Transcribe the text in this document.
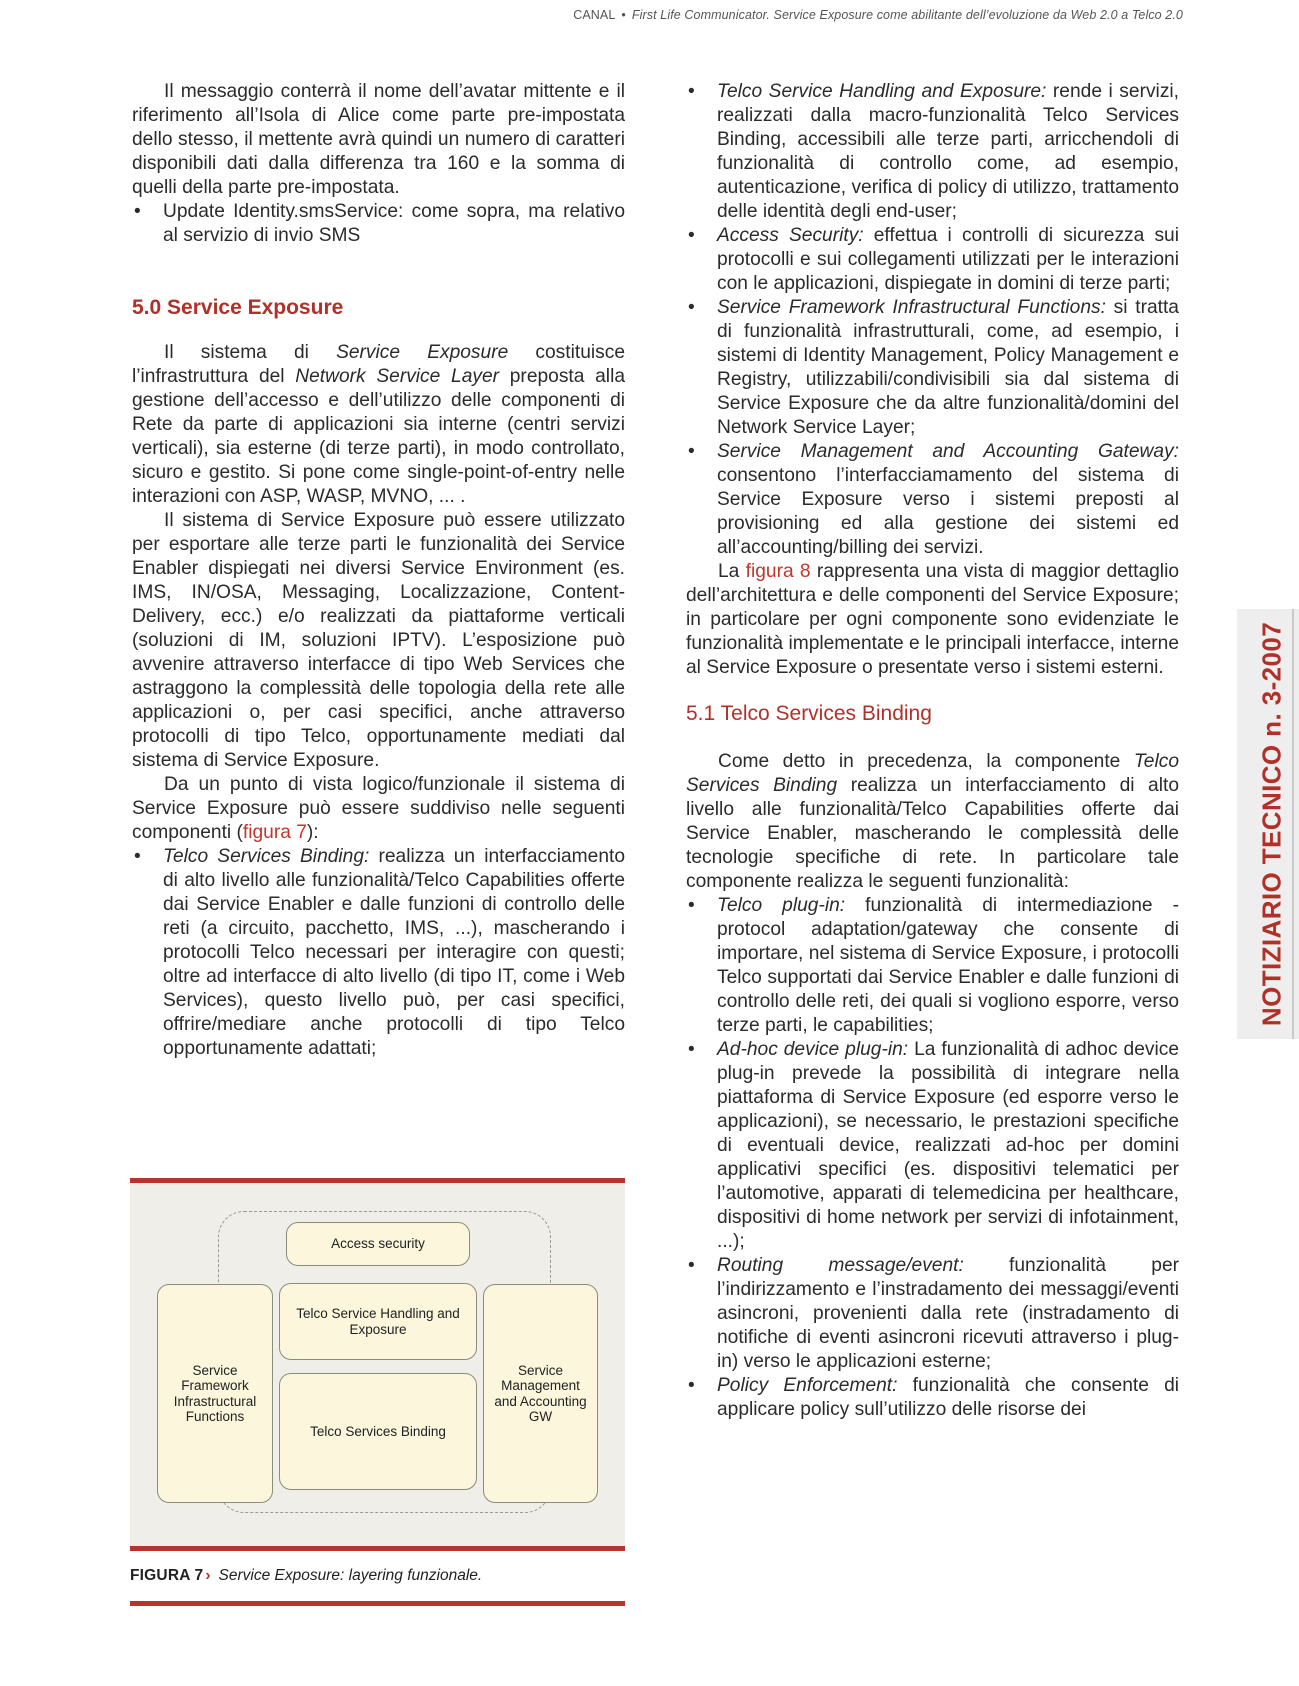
CANAL • First Life Communicator. Service Exposure come abilitante dell’evoluzione da Web 2.0 a Telco 2.0

Il messaggio conterrà il nome dell’avatar mittente e il riferimento all’Isola di Alice come parte pre-impostata dello stesso, il mettente avrà quindi un numero di caratteri disponibili dati dalla differenza tra 160 e la somma di quelli della parte pre-impostata.

• Update Identity.smsService: come sopra, ma relativo al servizio di invio SMS
5.0 Service Exposure

Il sistema di Service Exposure costituisce l’infrastruttura del Network Service Layer preposta alla gestione dell’accesso e dell’utilizzo delle componenti di Rete da parte di applicazioni sia interne (centri servizi verticali), sia esterne (di terze parti), in modo controllato, sicuro e gestito. Si pone come single-point-of-entry nelle interazioni con ASP, WASP, MVNO, ... .

Il sistema di Service Exposure può essere utilizzato per esportare alle terze parti le funzionalità dei Service Enabler dispiegati nei diversi Service Environment (es. IMS, IN/OSA, Messaging, Localizzazione, Content-Delivery, ecc.) e/o realizzati da piattaforme verticali (soluzioni di IM, soluzioni IPTV). L’esposizione può avvenire attraverso interfacce di tipo Web Services che astraggono la complessità delle topologia della rete alle applicazioni o, per casi specifici, anche attraverso protocolli di tipo Telco, opportunamente mediati dal sistema di Service Exposure.

Da un punto di vista logico/funzionale il sistema di Service Exposure può essere suddiviso nelle seguenti componenti (figura 7):

• Telco Services Binding: realizza un interfacciamento di alto livello alle funzionalità/Telco Capabilities offerte dai Service Enabler e dalle funzioni di controllo delle reti (a circuito, pacchetto, IMS, ...), mascherando i protocolli Telco necessari per interagire con questi; oltre ad interfacce di alto livello (di tipo IT, come i Web Services), questo livello può, per casi specifici, offrire/mediare anche protocolli di tipo Telco opportunamente adattati;
Access security
Telco Service Handling and Exposure
Telco Services Binding
Service Framework Infrastructural Functions
Service Management and Accounting GW
FIGURA 7 › Service Exposure: layering funzionale.
• Telco Service Handling and Exposure: rende i servizi, realizzati dalla macro-funzionalità Telco Services Binding, accessibili alle terze parti, arricchendoli di funzionalità di controllo come, ad esempio, autenticazione, verifica di policy di utilizzo, trattamento delle identità degli end-user;
• Access Security: effettua i controlli di sicurezza sui protocolli e sui collegamenti utilizzati per le interazioni con le applicazioni, dispiegate in domini di terze parti;
• Service Framework Infrastructural Functions: si tratta di funzionalità infrastrutturali, come, ad esempio, i sistemi di Identity Management, Policy Management e Registry, utilizzabili/condivisibili sia dal sistema di Service Exposure che da altre funzionalità/domini del Network Service Layer;
• Service Management and Accounting Gateway: consentono l’interfacciamamento del sistema di Service Exposure verso i sistemi preposti al provisioning ed alla gestione dei sistemi ed all’accounting/billing dei servizi.

La figura 8 rappresenta una vista di maggior dettaglio dell’architettura e delle componenti del Service Exposure; in particolare per ogni componente sono evidenziate le funzionalità implementate e le principali interfacce, interne al Service Exposure o presentate verso i sistemi esterni.

5.1 Telco Services Binding

Come detto in precedenza, la componente Telco Services Binding realizza un interfacciamento di alto livello alle funzionalità/Telco Capabilities offerte dai Service Enabler, mascherando le complessità delle tecnologie specifiche di rete. In particolare tale componente realizza le seguenti funzionalità:

• Telco plug-in: funzionalità di intermediazione - protocol adaptation/gateway che consente di importare, nel sistema di Service Exposure, i protocolli Telco supportati dai Service Enabler e dalle funzioni di controllo delle reti, dei quali si vogliono esporre, verso terze parti, le capabilities;
• Ad-hoc device plug-in: La funzionalità di adhoc device plug-in prevede la possibilità di integrare nella piattaforma di Service Exposure (ed esporre verso le applicazioni), se necessario, le prestazioni specifiche di eventuali device, realizzati ad-hoc per domini applicativi specifici (es. dispositivi telematici per l’automotive, apparati di telemedicina per healthcare, dispositivi di home network per servizi di infotainment, ...);
• Routing message/event: funzionalità per l’indirizzamento e l’instradamento dei messaggi/eventi asincroni, provenienti dalla rete (instradamento di notifiche di eventi asincroni ricevuti attraverso i plug-in) verso le applicazioni esterne;
• Policy Enforcement: funzionalità che consente di applicare policy sull’utilizzo delle risorse dei
NOTIZIARIO TECNICO n. 3-2007
